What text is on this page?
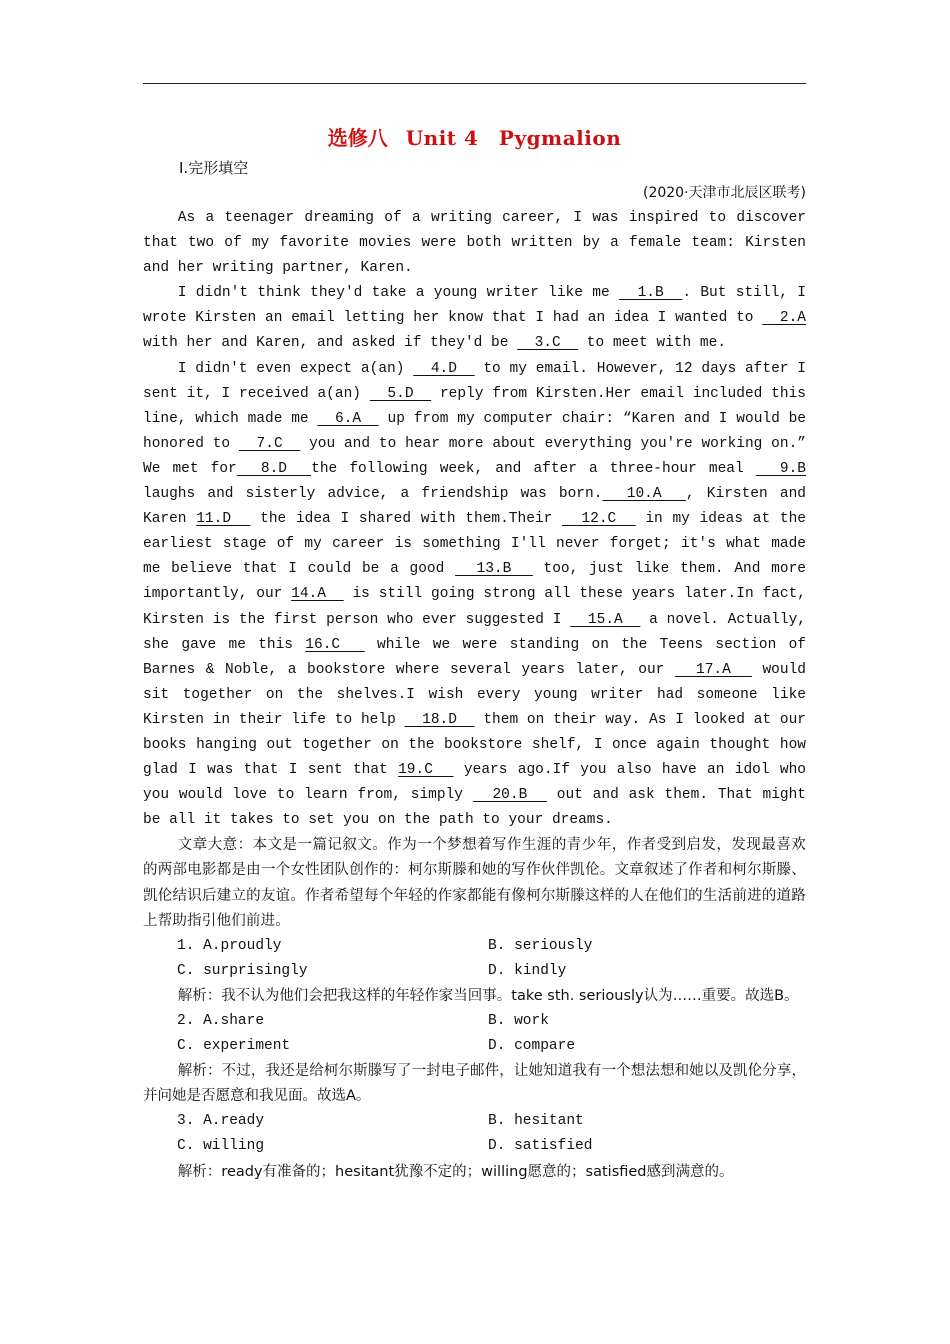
选修八 Unit 4　Pygmalion
Ⅰ.完形填空
(2020·天津市北辰区联考)

As a teenager dreaming of a writing career, I was inspired to discover that two of my favorite movies were both written by a female team: Kirsten and her writing partner, Karen.

I didn't think they'd take a young writer like me   1.B  . But still, I wrote Kirsten an email letting her know that I had an idea I wanted to   2.A with her and Karen, and asked if they'd be   3.C   to meet with me.

I didn't even expect a(an)   4.D   to my email. However, 12 days after I sent it, I received a(an)   5.D   reply from Kirsten.Her email included this line, which made me   6.A   up from my computer chair: “Karen and I would be honored to   7.C   you and to hear more about everything you're working on.” We met for  8.D  the following week, and after a three-hour meal   9.B laughs and sisterly advice, a friendship was born.  10.A  , Kirsten and Karen 11.D   the idea I shared with them.Their   12.C   in my ideas at the earliest stage of my career is something I'll never forget; it's what made me believe that I could be a good   13.B   too, just like them. And more importantly, our 14.A   is still going strong all these years later.In fact, Kirsten is the first person who ever suggested I   15.A   a novel. Actually, she gave me this 16.C   while we were standing on the Teens section of Barnes & Noble, a bookstore where several years later, our   17.A   would sit together on the shelves.I wish every young writer had someone like Kirsten in their life to help   18.D   them on their way. As I looked at our books hanging out together on the bookstore shelf, I once again thought how glad I was that I sent that 19.C   years ago.If you also have an idol who you would love to learn from, simply   20.B   out and ask them. That might be all it takes to set you on the path to your dreams.

文章大意：本文是一篇记叙文。作为一个梦想着写作生涯的青少年，作者受到启发，发现最喜欢的两部电影都是由一个女性团队创作的：柯尔斯滕和她的写作伙伴凯伦。文章叙述了作者和柯尔斯滕、凯伦结识后建立的友谊。作者希望每个年轻的作家都能有像柯尔斯滕这样的人在他们的生活前进的道路上帮助指引他们前进。

1. A.proudly	B. seriously
C. surprisingly	D. kindly

解析：我不认为他们会把我这样的年轻作家当回事。take sth. seriously认为……重要。故选B。

2. A.share	B. work
C. experiment	D. compare

解析：不过，我还是给柯尔斯滕写了一封电子邮件，让她知道我有一个想法想和她以及凯伦分享，并问她是否愿意和我见面。故选A。

3. A.ready	B. hesitant
C. willing	D. satisfied

解析：ready有准备的；hesitant犹豫不定的；willing愿意的；satisfied感到满意的。
